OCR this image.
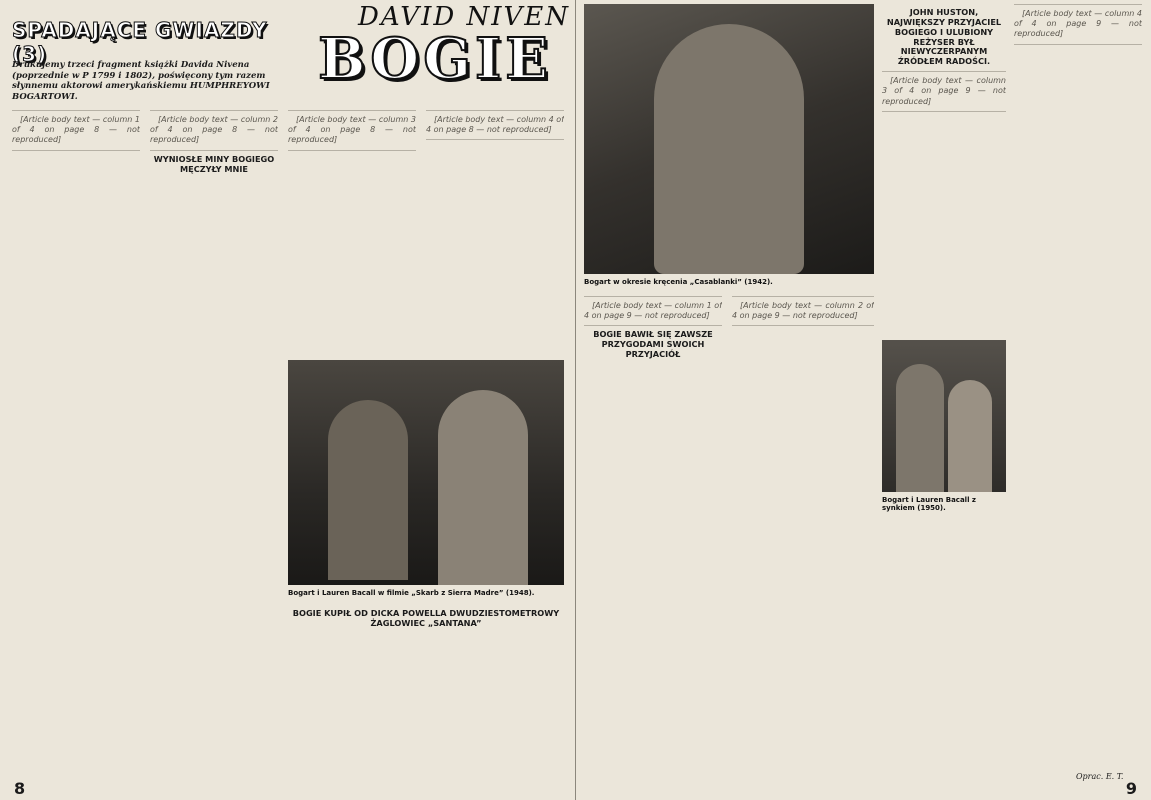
SPADAJĄCE GWIAZDY (3)
DAVID NIVEN
BOGIE
Drukujemy trzeci fragment książki Davida Nivena (poprzednie w P 1799 i 1802), poświęcony tym razem słynnemu aktorowi amerykańskiemu HUMPHREYOWI BOGARTOWI.

[Article body text — column 1 of 4 on page 8 — not reproduced]

[Article body text — column 2 of 4 on page 8 — not reproduced]

WYNIOSŁE MINY BOGIEGO MĘCZYŁY MNIE

[Article body text — column 3 of 4 on page 8 — not reproduced]

[Article body text — column 4 of 4 on page 8 — not reproduced]

Bogart i Lauren Bacall w filmie „Skarb z Sierra Madre” (1948).

BOGIE KUPIŁ OD DICKA POWELLA DWUDZIESTOMETROWY ŻAGLOWIEC „SANTANA”

8
Bogart w okresie kręcenia „Casablanki” (1942).

[Article body text — column 1 of 4 on page 9 — not reproduced]

BOGIE BAWIŁ SIĘ ZAWSZE PRZYGODAMI SWOICH PRZYJACIÓŁ

[Article body text — column 2 of 4 on page 9 — not reproduced]

JOHN HUSTON, NAJWIĘKSZY PRZYJACIEL BOGIEGO I ULUBIONY REŻYSER BYŁ NIEWYCZERPANYM ŹRÓDŁEM RADOŚCI.

[Article body text — column 3 of 4 on page 9 — not reproduced]

[Article body text — column 4 of 4 on page 9 — not reproduced]

Bogart i Lauren Bacall z synkiem (1950).
Oprac. E. T.
9
